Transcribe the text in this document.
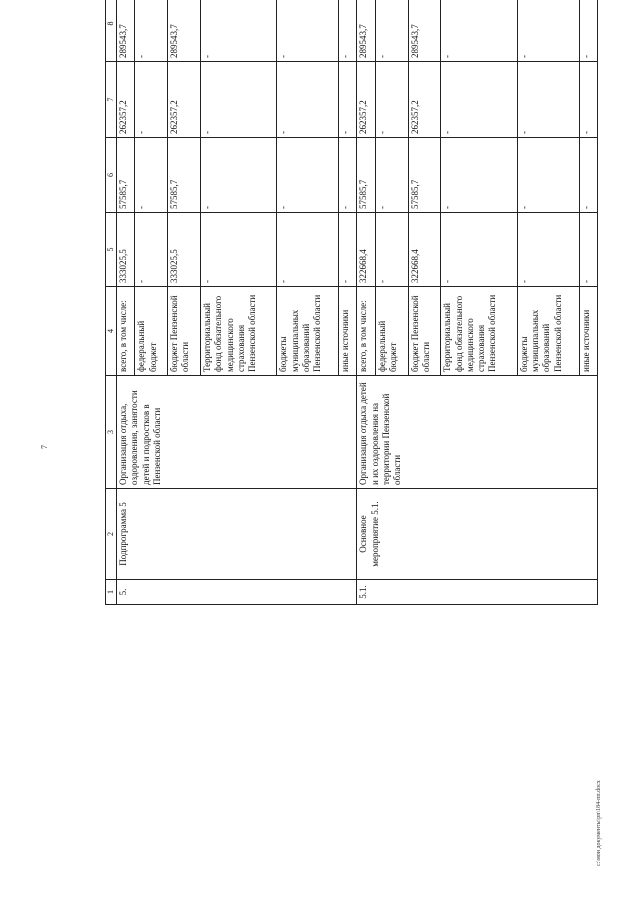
7
1	2	3	4	5	6	7	8		
5.	Подпрограмма 5	Организация отдыха, оздоровления, занятости детей и подростков в Пензенской области	всего, в том числе:	333025,5	57585,7	262357,2	289543,7		
			федеральный бюджет	-	-	-	-		
			бюджет Пензенской области	333025,5	57585,7	262357,2	289543,7		
			Территориальный фонд обязательного медицинского страхования Пензенской области	-	-	-	-		
			бюджеты муниципальных образований Пензенской области	-	-	-	-		
			иные источники	-	-	-	-		
5.1.	Основное мероприятие 5.1.	Организация отдыха детей и их оздоровления на территории Пензенской области	всего, в том числе:	322668,4	57585,7	262357,2	289543,7		
			федеральный бюджет	-	-	-	-		
			бюджет Пензенской области	322668,4	57585,7	262357,2	289543,7		
			Территориальный фонд обязательного медицинского страхования Пензенской области	-	-	-	-		
			бюджеты муниципальных образований Пензенской области	-	-	-	-		
			иные источники	-	-	-	-		
c:\мои документы\рп\184-пп.docx
